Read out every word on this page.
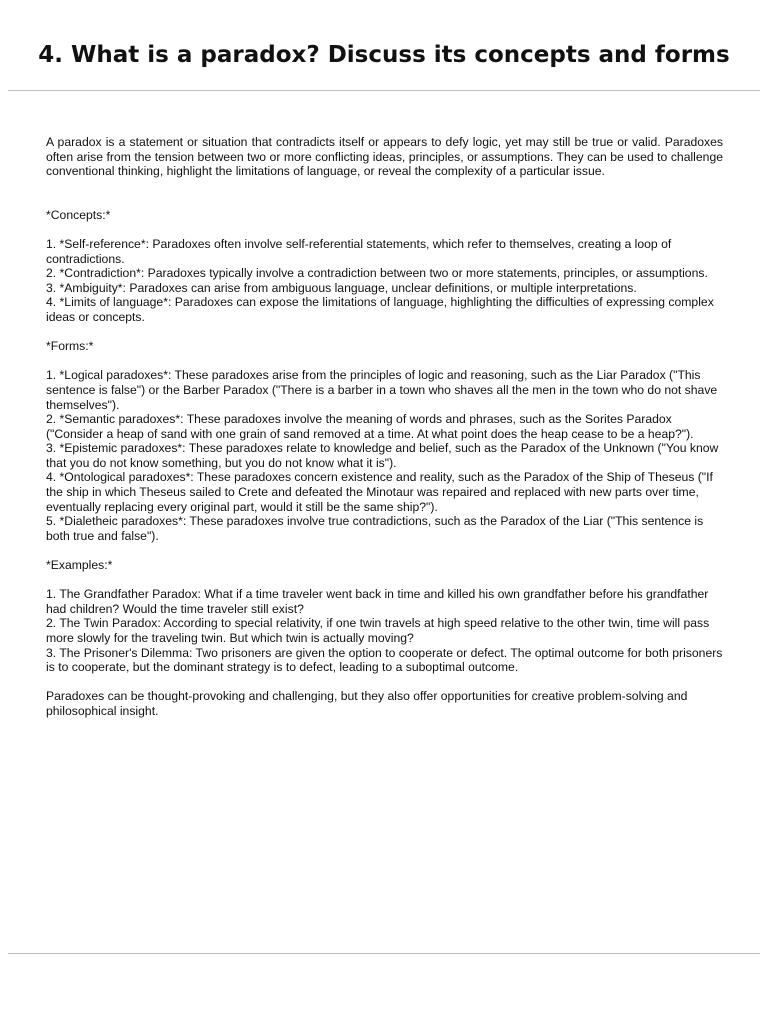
4. What is a paradox? Discuss its concepts and forms

A paradox is a statement or situation that contradicts itself or appears to defy logic, yet may still be true or valid. Paradoxes often arise from the tension between two or more conflicting ideas, principles, or assumptions. They can be used to challenge conventional thinking, highlight the limitations of language, or reveal the complexity of a particular issue.

*Concepts:*

1. *Self-reference*: Paradoxes often involve self-referential statements, which refer to themselves, creating a loop of contradictions.
2. *Contradiction*: Paradoxes typically involve a contradiction between two or more statements, principles, or assumptions.
3. *Ambiguity*: Paradoxes can arise from ambiguous language, unclear definitions, or multiple interpretations.
4. *Limits of language*: Paradoxes can expose the limitations of language, highlighting the difficulties of expressing complex ideas or concepts.

*Forms:*

1. *Logical paradoxes*: These paradoxes arise from the principles of logic and reasoning, such as the Liar Paradox ("This sentence is false") or the Barber Paradox ("There is a barber in a town who shaves all the men in the town who do not shave themselves").
2. *Semantic paradoxes*: These paradoxes involve the meaning of words and phrases, such as the Sorites Paradox ("Consider a heap of sand with one grain of sand removed at a time. At what point does the heap cease to be a heap?").
3. *Epistemic paradoxes*: These paradoxes relate to knowledge and belief, such as the Paradox of the Unknown ("You know that you do not know something, but you do not know what it is").
4. *Ontological paradoxes*: These paradoxes concern existence and reality, such as the Paradox of the Ship of Theseus ("If the ship in which Theseus sailed to Crete and defeated the Minotaur was repaired and replaced with new parts over time, eventually replacing every original part, would it still be the same ship?").
5. *Dialetheic paradoxes*: These paradoxes involve true contradictions, such as the Paradox of the Liar ("This sentence is both true and false").

*Examples:*

1. The Grandfather Paradox: What if a time traveler went back in time and killed his own grandfather before his grandfather had children? Would the time traveler still exist?
2. The Twin Paradox: According to special relativity, if one twin travels at high speed relative to the other twin, time will pass more slowly for the traveling twin. But which twin is actually moving?
3. The Prisoner's Dilemma: Two prisoners are given the option to cooperate or defect. The optimal outcome for both prisoners is to cooperate, but the dominant strategy is to defect, leading to a suboptimal outcome.

Paradoxes can be thought-provoking and challenging, but they also offer opportunities for creative problem-solving and philosophical insight.
